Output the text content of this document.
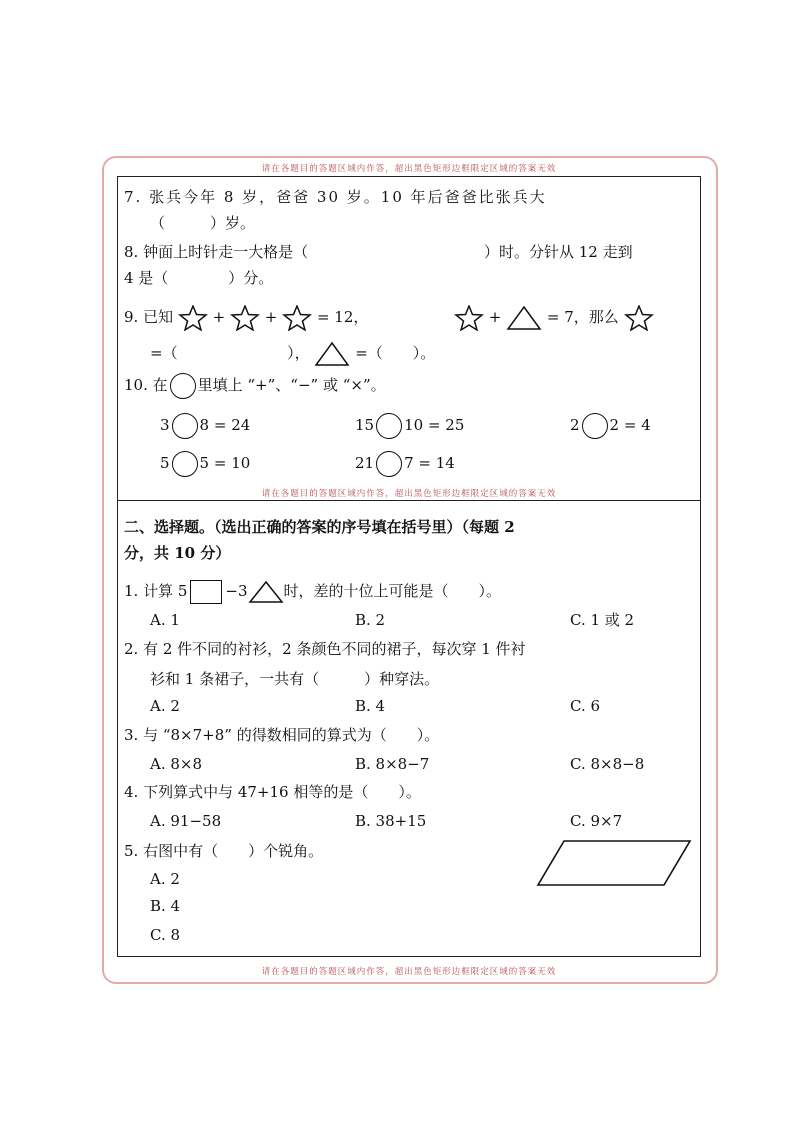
请在各题目的答题区域内作答，超出黑色矩形边框限定区域的答案无效
请在各题目的答题区域内作答，超出黑色矩形边框限定区域的答案无效
请在各题目的答题区域内作答，超出黑色矩形边框限定区域的答案无效
7. 张兵今年 8 岁，爸爸 30 岁。10 年后爸爸比张兵大
（　　　）岁。
8. 钟面上时针走一大格是（	）时。分针从 12 走到
4 是（　　　　）分。
9. 已知	+	+	= 12，	+	= 7，那么
=（	），	=（　　）。
10. 在 里填上 “+”、“−” 或 “×”。
3 8 = 24	15 10 = 25	2 2 = 4
5 5 = 10	21 7 = 14
二、选择题。（选出正确的答案的序号填在括号里）（每题 2
分，共 10 分）
1. 计算 5	−3 时，差的十位上可能是（　　）。
A. 1	B. 2	C. 1 或 2
2. 有 2 件不同的衬衫，2 条颜色不同的裙子，每次穿 1 件衬
衫和 1 条裙子，一共有（　　　）种穿法。
A. 2	B. 4	C. 6
3. 与 “8×7+8” 的得数相同的算式为（　　）。
A. 8×8	B. 8×8−7	C. 8×8−8
4. 下列算式中与 47+16 相等的是（　　）。
A. 91−58	B. 38+15	C. 9×7
5. 右图中有（　　）个锐角。
A. 2
B. 4
C. 8
